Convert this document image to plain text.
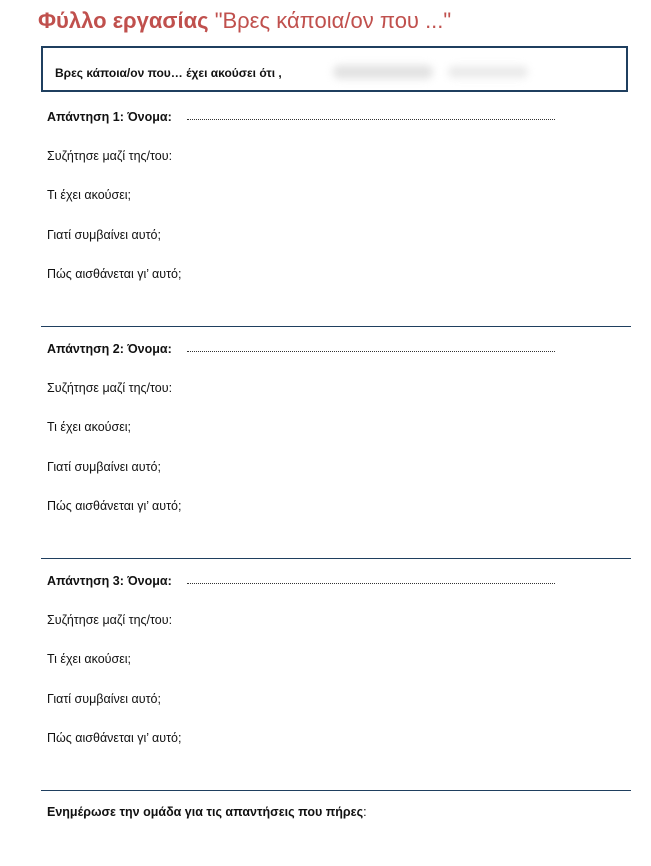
Φύλλο εργασίας "Βρες κάποια/ον που ..."
Βρες κάποια/ον που… έχει ακούσει ότι ,
Απάντηση 1: Όνομα:
Συζήτησε μαζί της/του:
Τι έχει ακούσει;
Γιατί συμβαίνει αυτό;
Πώς αισθάνεται γι’ αυτό;
Απάντηση 2: Όνομα:
Συζήτησε μαζί της/του:
Τι έχει ακούσει;
Γιατί συμβαίνει αυτό;
Πώς αισθάνεται γι’ αυτό;
Απάντηση 3: Όνομα:
Συζήτησε μαζί της/του:
Τι έχει ακούσει;
Γιατί συμβαίνει αυτό;
Πώς αισθάνεται γι’ αυτό;
Ενημέρωσε την ομάδα για τις απαντήσεις που πήρες:
